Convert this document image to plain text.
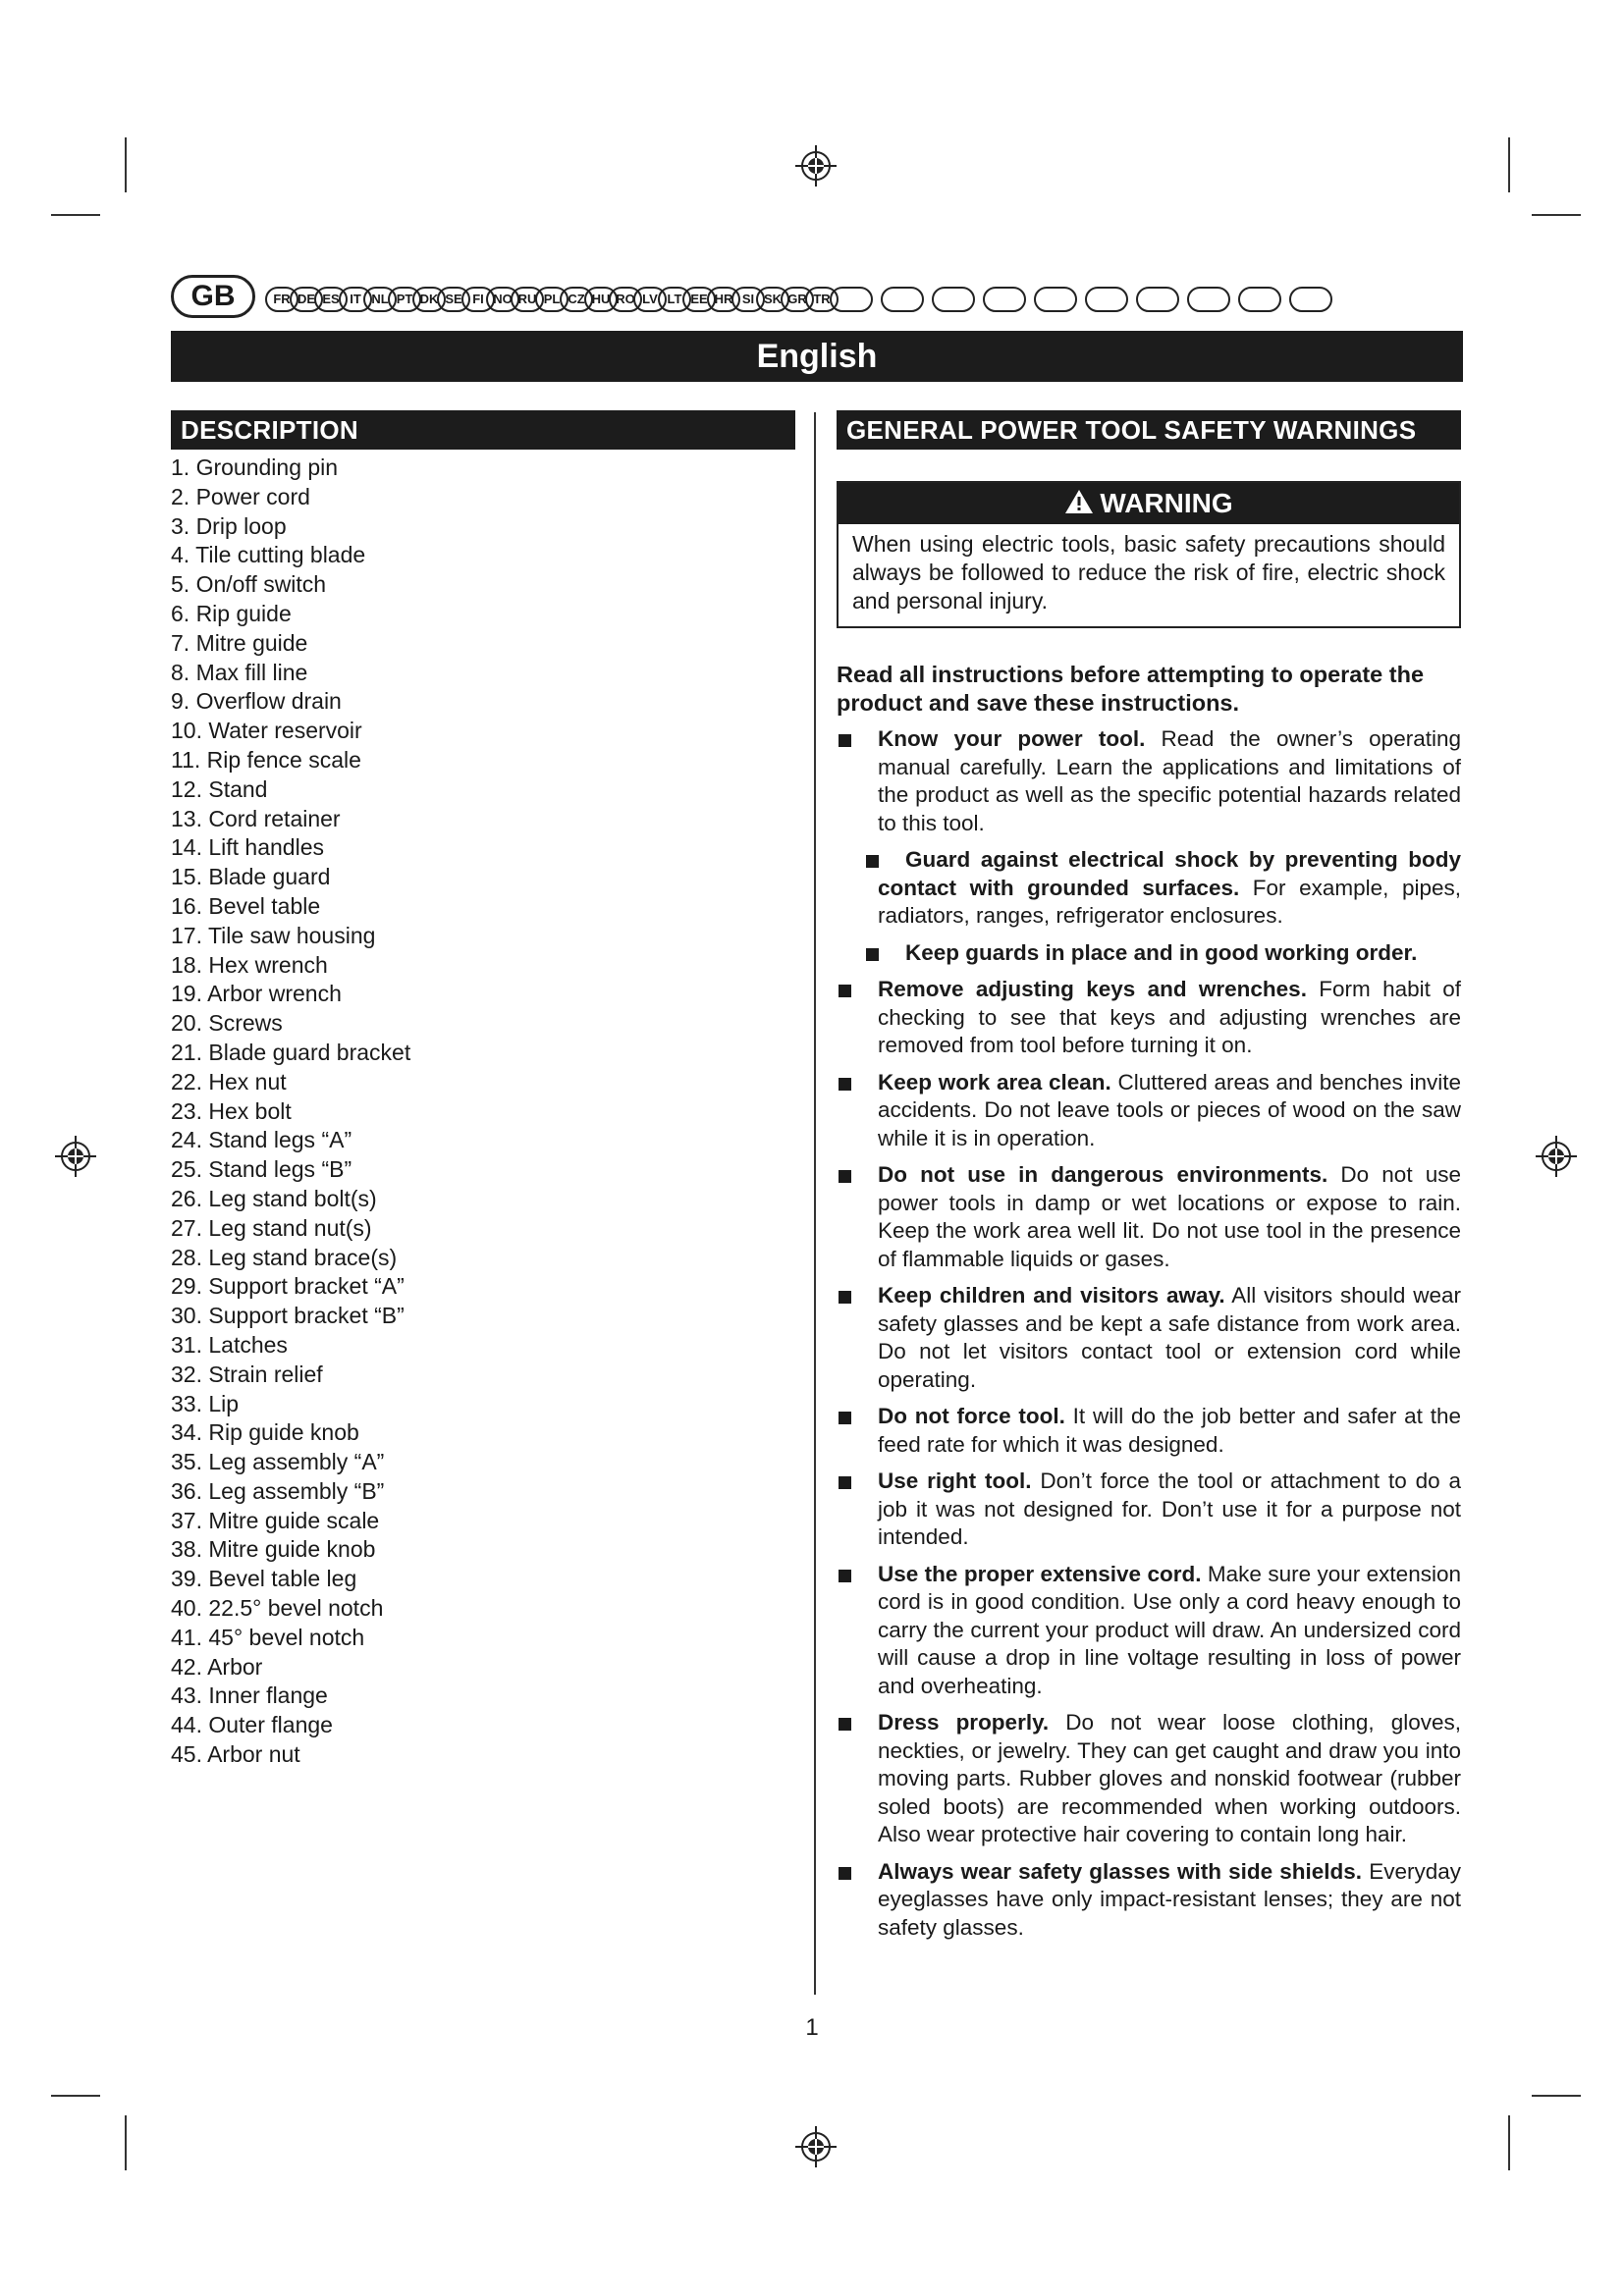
GB	FR DE ES IT NL PT DK SE FI NO RU PL CZ HU RO LV LT EE HR SI SK GR TR
English
DESCRIPTION
1. Grounding pin
2. Power cord
3. Drip loop
4. Tile cutting blade
5. On/off switch
6. Rip guide
7. Mitre guide
8. Max fill line
9. Overflow drain
10. Water reservoir
11. Rip fence scale
12. Stand
13. Cord retainer
14. Lift handles
15. Blade guard
16. Bevel table
17. Tile saw housing
18. Hex wrench
19. Arbor wrench
20. Screws
21. Blade guard bracket
22. Hex nut
23. Hex bolt
24. Stand legs “A”
25. Stand legs “B”
26. Leg stand bolt(s)
27. Leg stand nut(s)
28. Leg stand brace(s)
29. Support bracket “A”
30. Support bracket “B”
31. Latches
32. Strain relief
33. Lip
34. Rip guide knob
35. Leg assembly “A”
36. Leg assembly “B”
37. Mitre guide scale
38. Mitre guide knob
39. Bevel table leg
40. 22.5° bevel notch
41. 45° bevel notch
42. Arbor
43. Inner flange
44. Outer flange
45. Arbor nut
GENERAL POWER TOOL SAFETY WARNINGS
WARNING
When using electric tools, basic safety precautions should always be followed to reduce the risk of fire, electric shock and personal injury.
Read all instructions before attempting to operate the product and save these instructions.
Know your power tool. Read the owner’s operating manual carefully. Learn the applications and limitations of the product as well as the specific potential hazards related to this tool.
Guard against electrical shock by preventing body contact with grounded surfaces. For example, pipes, radiators, ranges, refrigerator enclosures.
Keep guards in place and in good working order.
Remove adjusting keys and wrenches. Form habit of checking to see that keys and adjusting wrenches are removed from tool before turning it on.
Keep work area clean. Cluttered areas and benches invite accidents. Do not leave tools or pieces of wood on the saw while it is in operation.
Do not use in dangerous environments. Do not use power tools in damp or wet locations or expose to rain. Keep the work area well lit. Do not use tool in the presence of flammable liquids or gases.
Keep children and visitors away. All visitors should wear safety glasses and be kept a safe distance from work area. Do not let visitors contact tool or extension cord while operating.
Do not force tool. It will do the job better and safer at the feed rate for which it was designed.
Use right tool. Don’t force the tool or attachment to do a job it was not designed for. Don’t use it for a purpose not intended.
Use the proper extensive cord. Make sure your extension cord is in good condition. Use only a cord heavy enough to carry the current your product will draw. An undersized cord will cause a drop in line voltage resulting in loss of power and overheating.
Dress properly. Do not wear loose clothing, gloves, neckties, or jewelry. They can get caught and draw you into moving parts. Rubber gloves and nonskid footwear (rubber soled boots) are recommended when working outdoors. Also wear protective hair covering to contain long hair.
Always wear safety glasses with side shields. Everyday eyeglasses have only impact-resistant lenses; they are not safety glasses.
1
